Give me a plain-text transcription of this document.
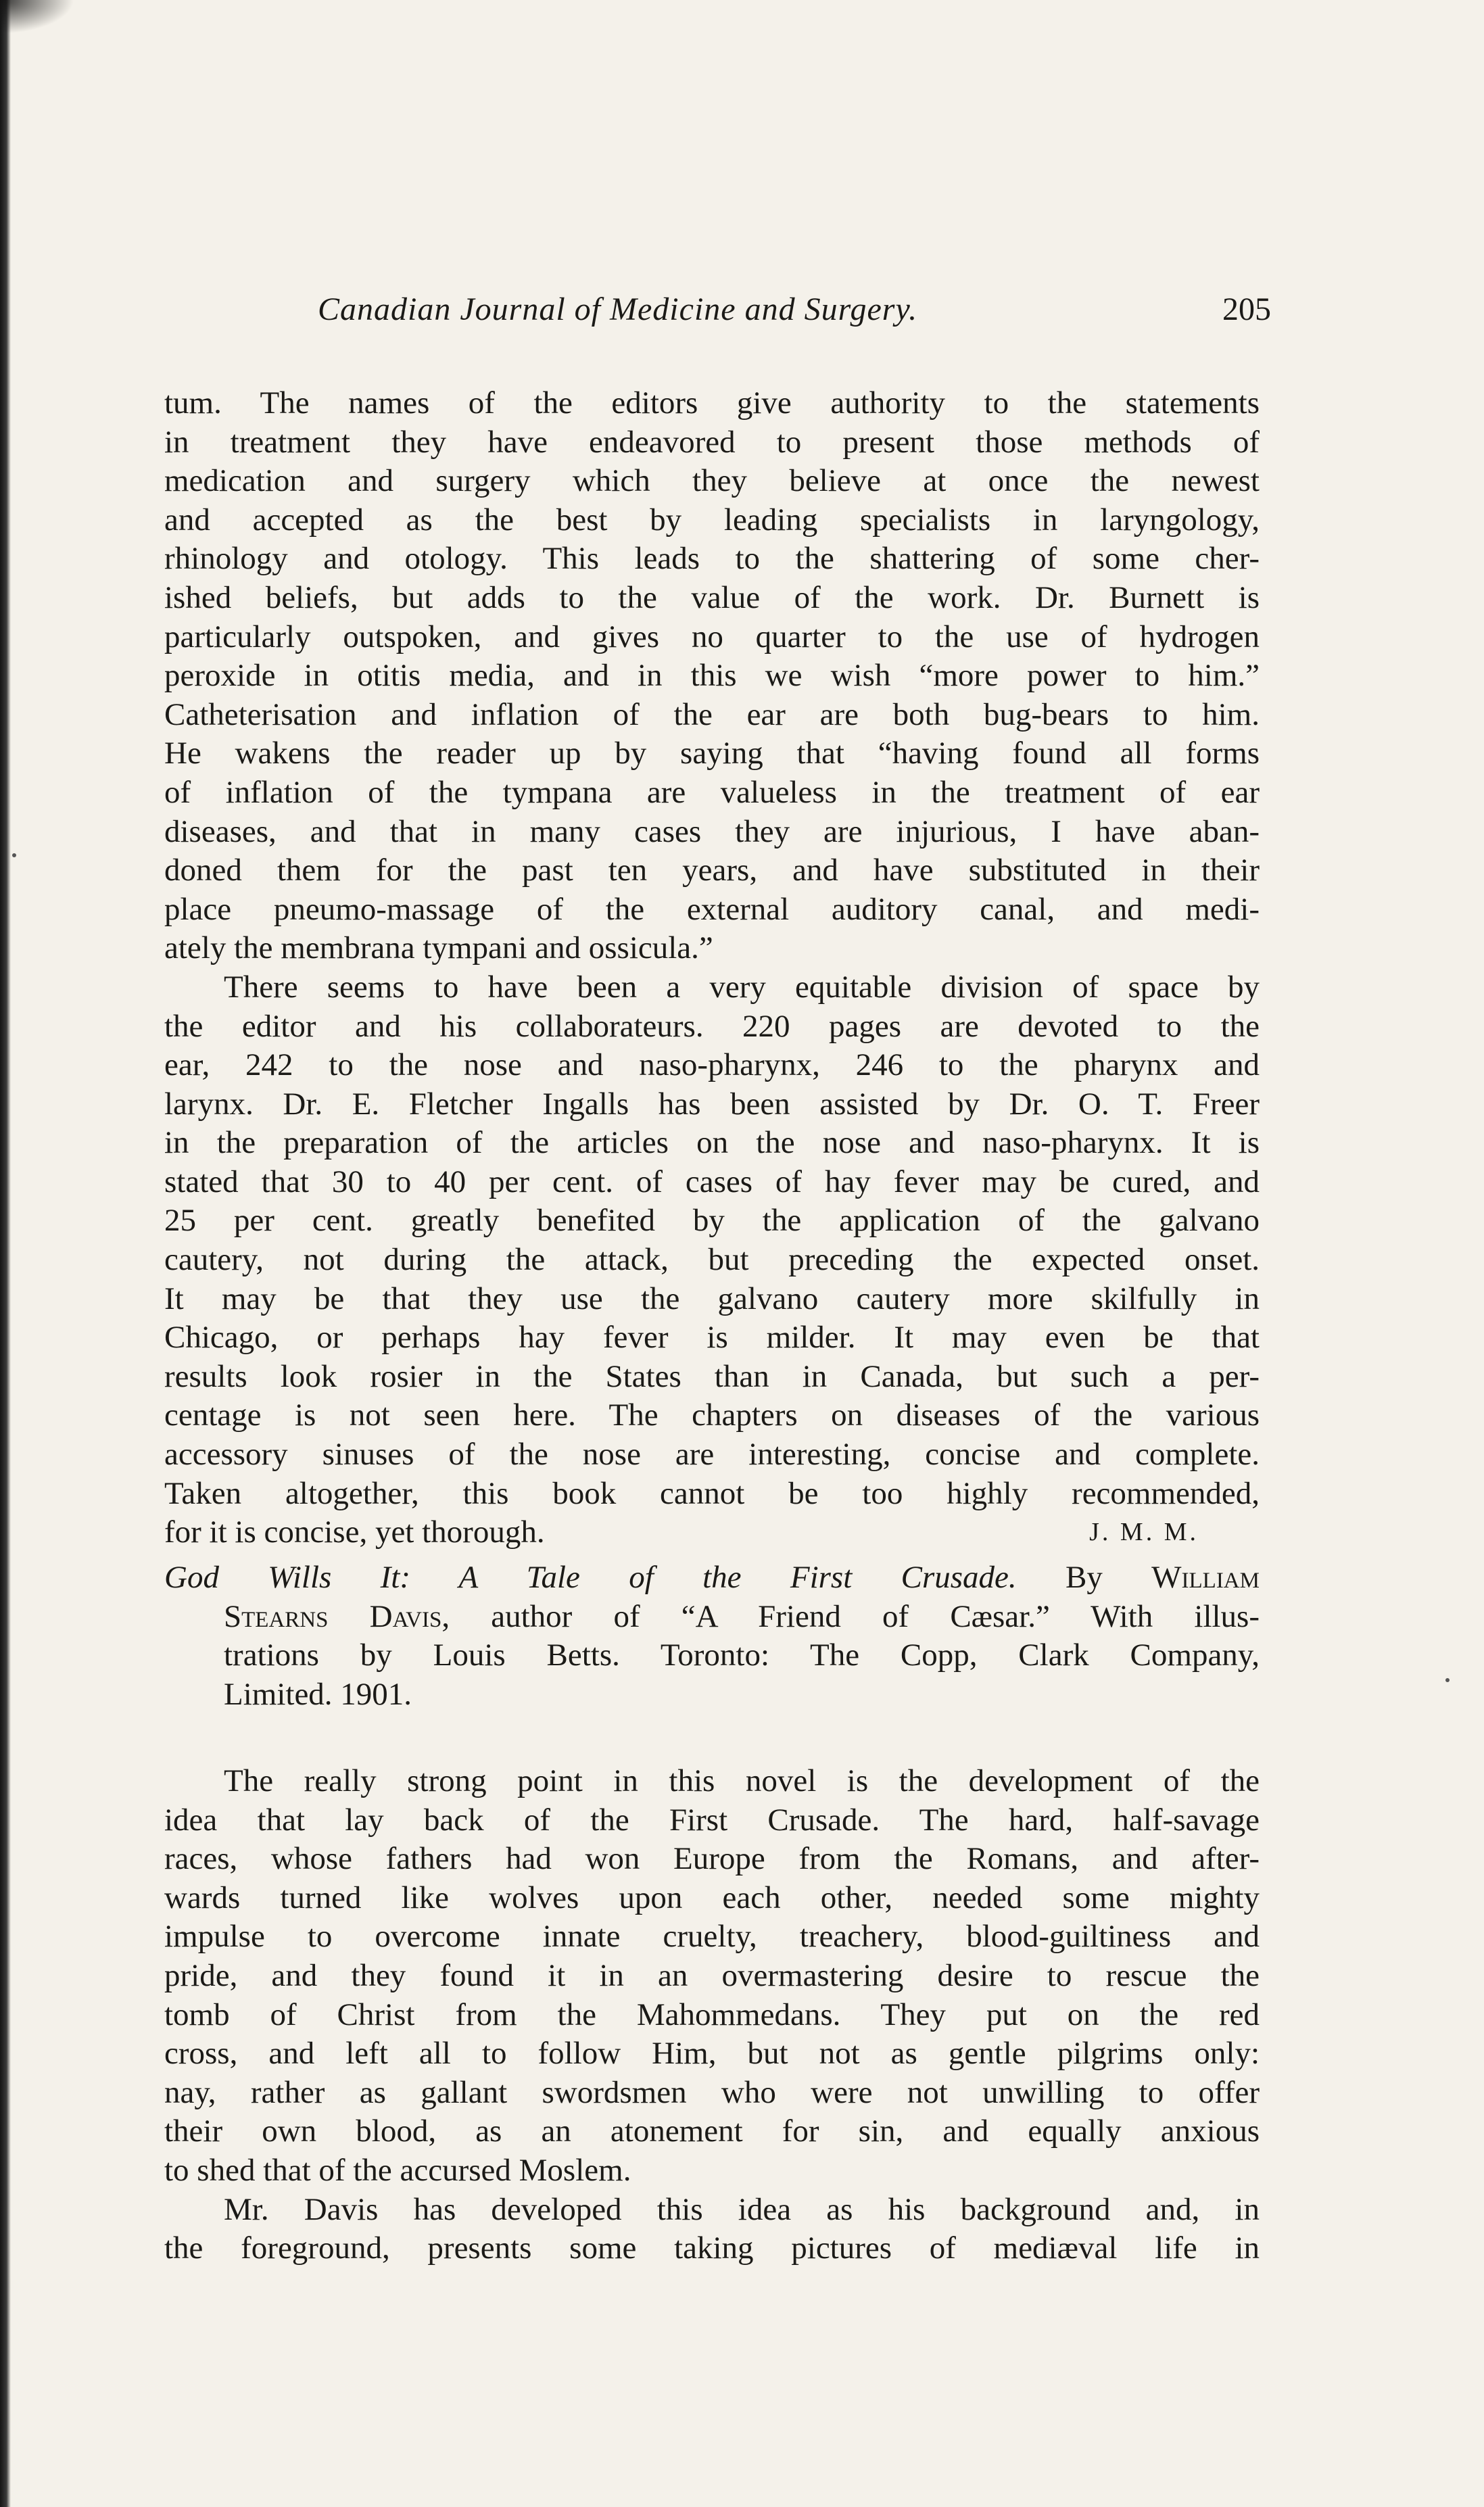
Canadian Journal of Medicine and Surgery.	205
tum. The names of the editors give authority to the statements
in treatment they have endeavored to present those methods of
medication and surgery which they believe at once the newest
and accepted as the best by leading specialists in laryngology,
rhinology and otology. This leads to the shattering of some cher-
ished beliefs, but adds to the value of the work. Dr. Burnett is
particularly outspoken, and gives no quarter to the use of hydrogen
peroxide in otitis media, and in this we wish “more power to him.”
Catheterisation and inflation of the ear are both bug-bears to him.
He wakens the reader up by saying that “having found all forms
of inflation of the tympana are valueless in the treatment of ear
diseases, and that in many cases they are injurious, I have aban-
doned them for the past ten years, and have substituted in their
place pneumo-massage of the external auditory canal, and medi-
ately the membrana tympani and ossicula.”
There seems to have been a very equitable division of space by
the editor and his collaborateurs. 220 pages are devoted to the
ear, 242 to the nose and naso-pharynx, 246 to the pharynx and
larynx. Dr. E. Fletcher Ingalls has been assisted by Dr. O. T. Freer
in the preparation of the articles on the nose and naso-pharynx. It is
stated that 30 to 40 per cent. of cases of hay fever may be cured, and
25 per cent. greatly benefited by the application of the galvano
cautery, not during the attack, but preceding the expected onset.
It may be that they use the galvano cautery more skilfully in
Chicago, or perhaps hay fever is milder. It may even be that
results look rosier in the States than in Canada, but such a per-
centage is not seen here. The chapters on diseases of the various
accessory sinuses of the nose are interesting, concise and complete.
Taken altogether, this book cannot be too highly recommended,
for it is concise, yet thorough.	J. M. M.
God Wills It: A Tale of the First Crusade. By William
Stearns Davis, author of “A Friend of Cæsar.” With illus-
trations by Louis Betts. Toronto: The Copp, Clark Company,
Limited. 1901.
The really strong point in this novel is the development of the
idea that lay back of the First Crusade. The hard, half-savage
races, whose fathers had won Europe from the Romans, and after-
wards turned like wolves upon each other, needed some mighty
impulse to overcome innate cruelty, treachery, blood-guiltiness and
pride, and they found it in an overmastering desire to rescue the
tomb of Christ from the Mahommedans. They put on the red
cross, and left all to follow Him, but not as gentle pilgrims only:
nay, rather as gallant swordsmen who were not unwilling to offer
their own blood, as an atonement for sin, and equally anxious
to shed that of the accursed Moslem.
Mr. Davis has developed this idea as his background and, in
the foreground, presents some taking pictures of mediæval life in
